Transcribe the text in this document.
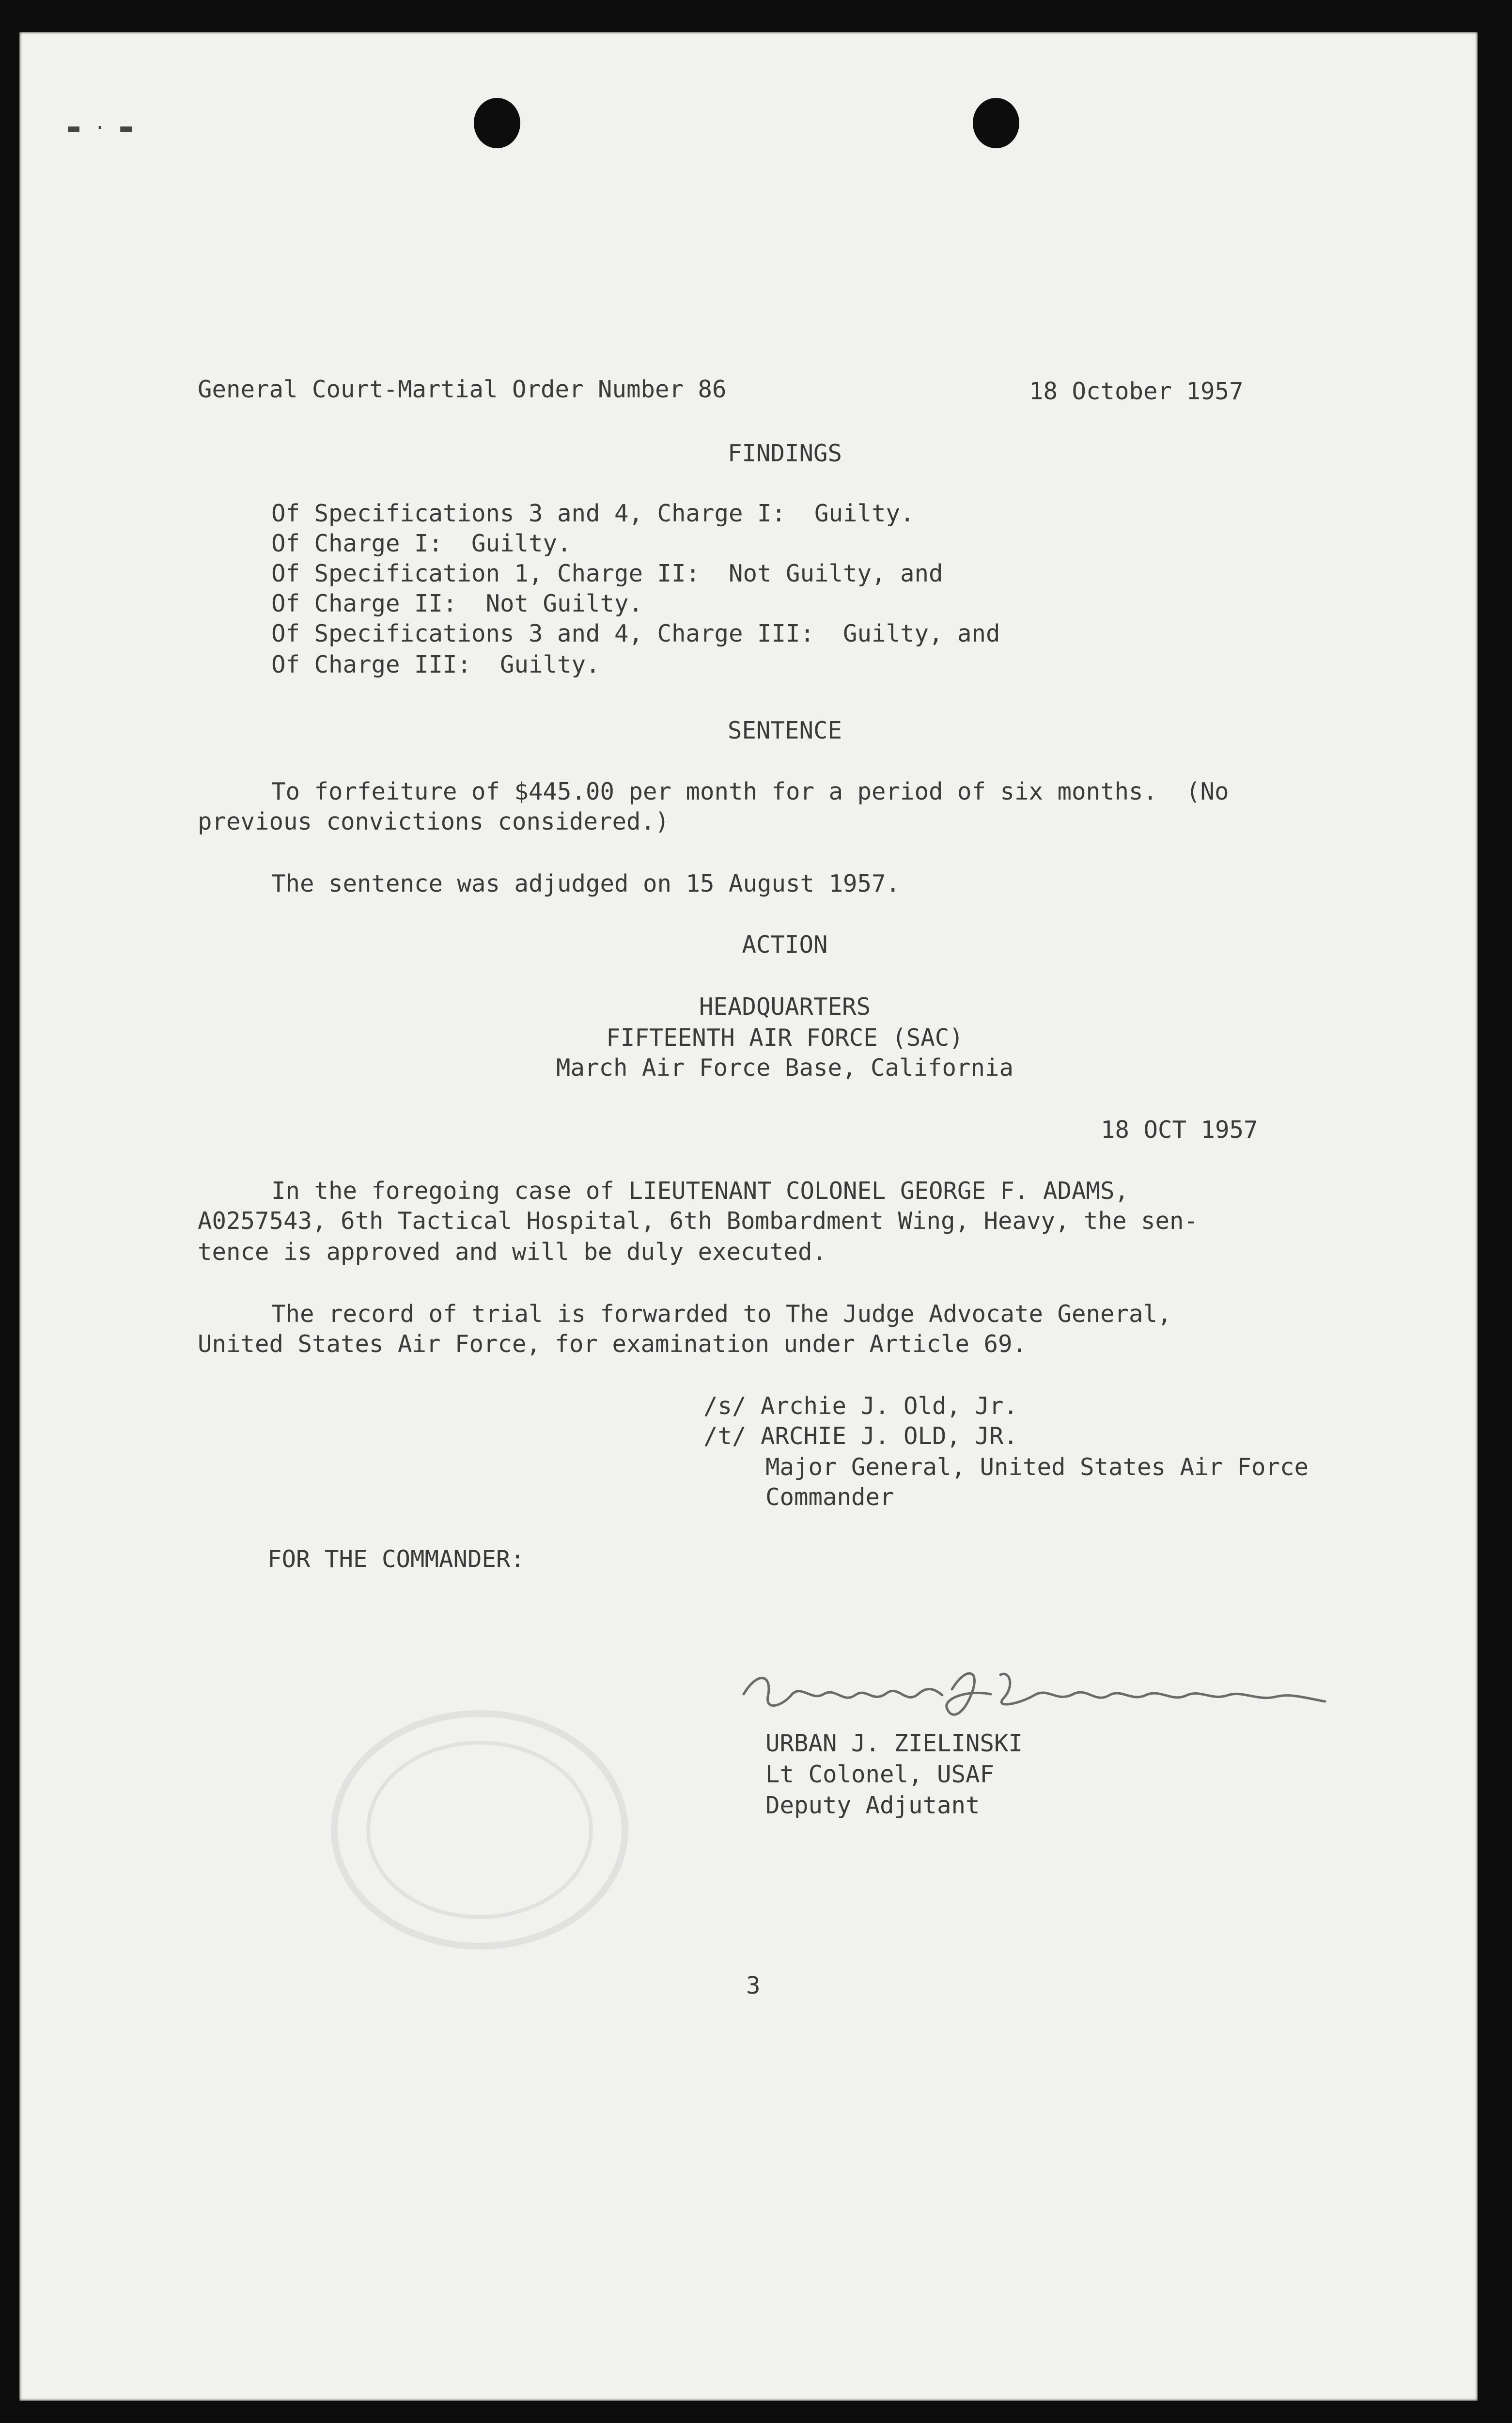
▬·▬
General Court-Martial Order Number 86	18 October 1957
FINDINGS
Of Specifications 3 and 4, Charge I:  Guilty.
Of Charge I:  Guilty.
Of Specification 1, Charge II:  Not Guilty, and
Of Charge II:  Not Guilty.
Of Specifications 3 and 4, Charge III:  Guilty, and
Of Charge III:  Guilty.
SENTENCE
To forfeiture of $445.00 per month for a period of six months.  (No
previous convictions considered.)
The sentence was adjudged on 15 August 1957.
ACTION
HEADQUARTERS
FIFTEENTH AIR FORCE (SAC)
March Air Force Base, California
18 OCT 1957
In the foregoing case of LIEUTENANT COLONEL GEORGE F. ADAMS,
A0257543, 6th Tactical Hospital, 6th Bombardment Wing, Heavy, the sen-
tence is approved and will be duly executed.
The record of trial is forwarded to The Judge Advocate General,
United States Air Force, for examination under Article 69.
/s/ Archie J. Old, Jr.
/t/ ARCHIE J. OLD, JR.
Major General, United States Air Force
Commander
FOR THE COMMANDER:
URBAN J. ZIELINSKI
Lt Colonel, USAF
Deputy Adjutant
3
